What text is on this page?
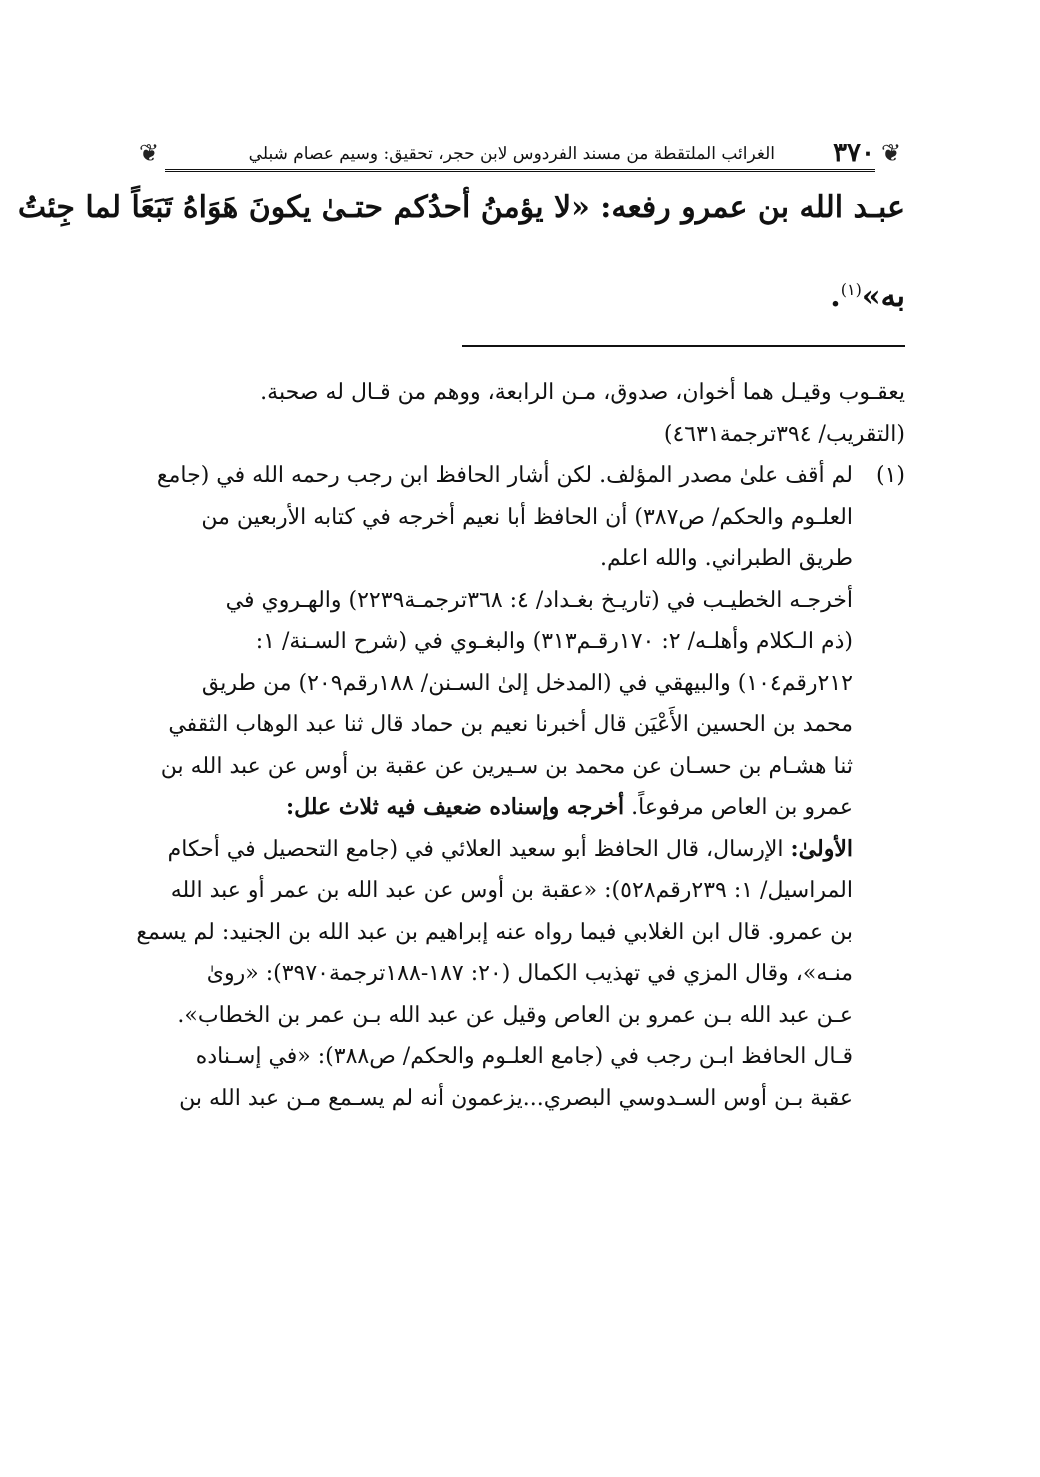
❦
٣٧٠
الغرائب الملتقطة من مسند الفردوس لابن حجر، تحقيق: وسيم عصام شبلي
❦
عبـد الله بن عمرو رفعه: «لا يؤمنُ أحدُكم حتـىٰ يكونَ هَوَاهُ تَبَعَاً لما جِئتُ
به»$^{(١)}$.
يعقـوب وقيـل هما أخوان، صدوق، مـن الرابعة، ووهم من قـال له صحبة.
(التقريب/ ٣٩٤ترجمة٤٦٣١)
(١)لم أقف علىٰ مصدر المؤلف. لكن أشار الحافظ ابن رجب رحمه الله في (جامع
العلـوم والحكم/ ص٣٨٧) أن الحافظ أبا نعيم أخرجه في كتابه الأربعين من
طريق الطبراني. والله اعلم.
أخرجـه الخطيـب في (تاريـخ بغـداد/ ٤: ٣٦٨ترجمـة٢٢٣٩) والهـروي في
(ذم الـكلام وأهلـه/ ٢: ١٧٠رقـم٣١٣) والبغـوي في (شرح السـنة/ ١:
٢١٢رقم١٠٤) والبيهقي في (المدخل إلىٰ السـنن/ ١٨٨رقم٢٠٩) من طريق
محمد بن الحسين الأَعْيَن قال أخبرنا نعيم بن حماد قال ثنا عبد الوهاب الثقفي
ثنا هشـام بن حسـان عن محمد بن سـيرين عن عقبة بن أوس عن عبد الله بن
عمرو بن العاص مرفوعاً. أخرجه وإسناده ضعيف فيه ثلاث علل:
الأولىٰ: الإرسال، قال الحافظ أبو سعيد العلائي في (جامع التحصيل في أحكام
المراسيل/ ١: ٢٣٩رقم٥٢٨): «عقبة بن أوس عن عبد الله بن عمر أو عبد الله
بن عمرو. قال ابن الغلابي فيما رواه عنه إبراهيم بن عبد الله بن الجنيد: لم يسمع
منـه»، وقال المزي في تهذيب الكمال (٢٠: ١٨٧-١٨٨ترجمة٣٩٧٠): «روىٰ
عـن عبد الله بـن عمرو بن العاص وقيل عن عبد الله بـن عمر بن الخطاب».
قـال الحافظ ابـن رجب في (جامع العلـوم والحكم/ ص٣٨٨): «في إسـناده
عقبة بـن أوس السـدوسي البصري...يزعمون أنه لم يسـمع مـن عبد الله بن
